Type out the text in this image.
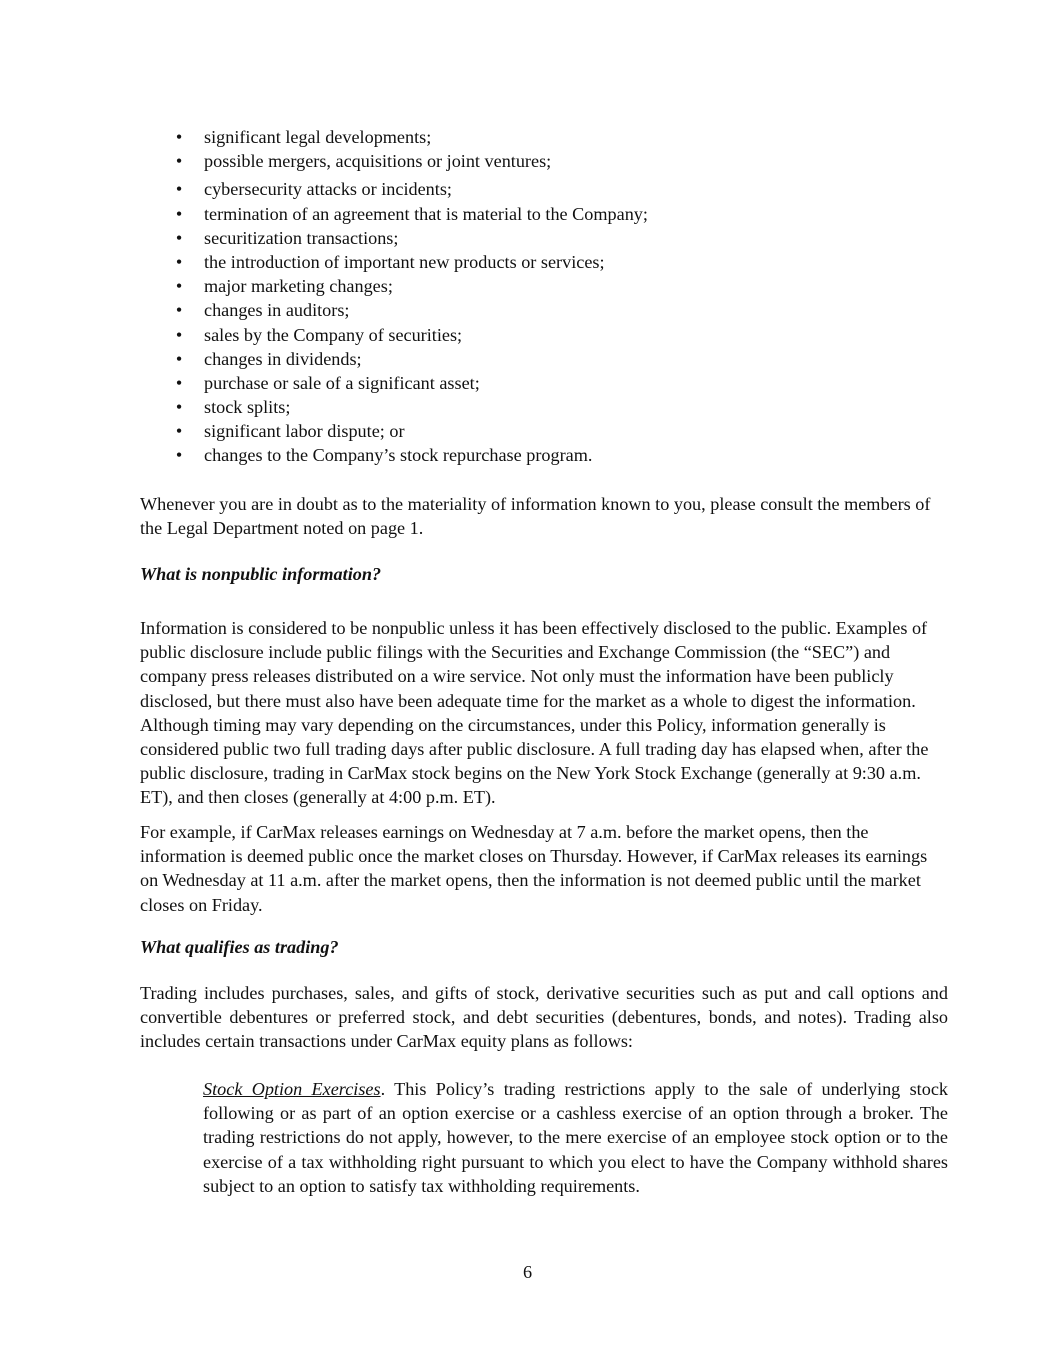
• significant legal developments;
• possible mergers, acquisitions or joint ventures;
• cybersecurity attacks or incidents;
• termination of an agreement that is material to the Company;
• securitization transactions;
• the introduction of important new products or services;
• major marketing changes;
• changes in auditors;
• sales by the Company of securities;
• changes in dividends;
• purchase or sale of a significant asset;
• stock splits;
• significant labor dispute; or
• changes to the Company’s stock repurchase program.

Whenever you are in doubt as to the materiality of information known to you, please consult the members of the Legal Department noted on page 1.

What is nonpublic information?

Information is considered to be nonpublic unless it has been effectively disclosed to the public. Examples of public disclosure include public filings with the Securities and Exchange Commission (the “SEC”) and company press releases distributed on a wire service. Not only must the information have been publicly disclosed, but there must also have been adequate time for the market as a whole to digest the information. Although timing may vary depending on the circumstances, under this Policy, information generally is considered public two full trading days after public disclosure. A full trading day has elapsed when, after the public disclosure, trading in CarMax stock begins on the New York Stock Exchange (generally at 9:30 a.m. ET), and then closes (generally at 4:00 p.m. ET).

For example, if CarMax releases earnings on Wednesday at 7 a.m. before the market opens, then the information is deemed public once the market closes on Thursday. However, if CarMax releases its earnings on Wednesday at 11 a.m. after the market opens, then the information is not deemed public until the market closes on Friday.

What qualifies as trading?

Trading includes purchases, sales, and gifts of stock, derivative securities such as put and call options and convertible debentures or preferred stock, and debt securities (debentures, bonds, and notes). Trading also includes certain transactions under CarMax equity plans as follows:

Stock Option Exercises. This Policy’s trading restrictions apply to the sale of underlying stock following or as part of an option exercise or a cashless exercise of an option through a broker. The trading restrictions do not apply, however, to the mere exercise of an employee stock option or to the exercise of a tax withholding right pursuant to which you elect to have the Company withhold shares subject to an option to satisfy tax withholding requirements.

6
